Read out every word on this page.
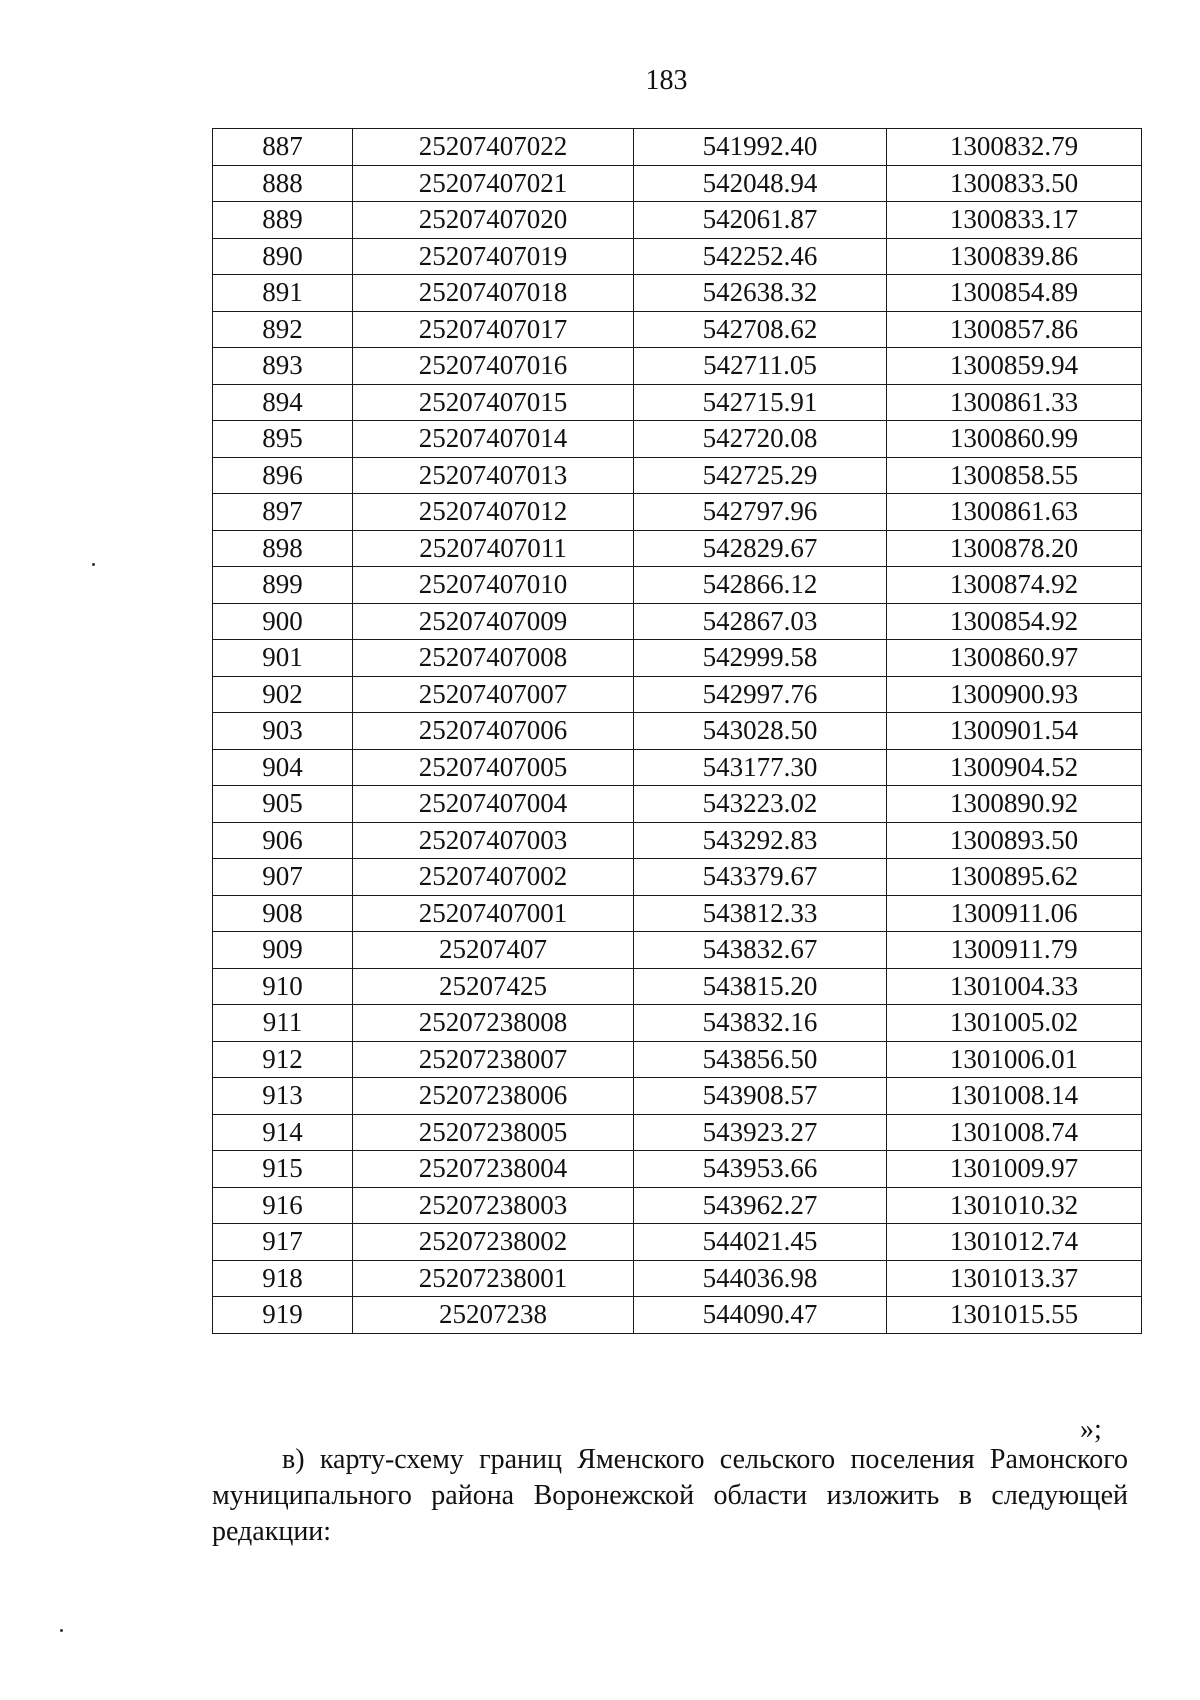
183
887	25207407022	541992.40	1300832.79
888	25207407021	542048.94	1300833.50
889	25207407020	542061.87	1300833.17
890	25207407019	542252.46	1300839.86
891	25207407018	542638.32	1300854.89
892	25207407017	542708.62	1300857.86
893	25207407016	542711.05	1300859.94
894	25207407015	542715.91	1300861.33
895	25207407014	542720.08	1300860.99
896	25207407013	542725.29	1300858.55
897	25207407012	542797.96	1300861.63
898	25207407011	542829.67	1300878.20
899	25207407010	542866.12	1300874.92
900	25207407009	542867.03	1300854.92
901	25207407008	542999.58	1300860.97
902	25207407007	542997.76	1300900.93
903	25207407006	543028.50	1300901.54
904	25207407005	543177.30	1300904.52
905	25207407004	543223.02	1300890.92
906	25207407003	543292.83	1300893.50
907	25207407002	543379.67	1300895.62
908	25207407001	543812.33	1300911.06
909	25207407	543832.67	1300911.79
910	25207425	543815.20	1301004.33
911	25207238008	543832.16	1301005.02
912	25207238007	543856.50	1301006.01
913	25207238006	543908.57	1301008.14
914	25207238005	543923.27	1301008.74
915	25207238004	543953.66	1301009.97
916	25207238003	543962.27	1301010.32
917	25207238002	544021.45	1301012.74
918	25207238001	544036.98	1301013.37
919	25207238	544090.47	1301015.55
»;
в) карту-схему границ Яменского сельского поселения Рамонского муниципального района Воронежской области изложить в следующей редакции:
